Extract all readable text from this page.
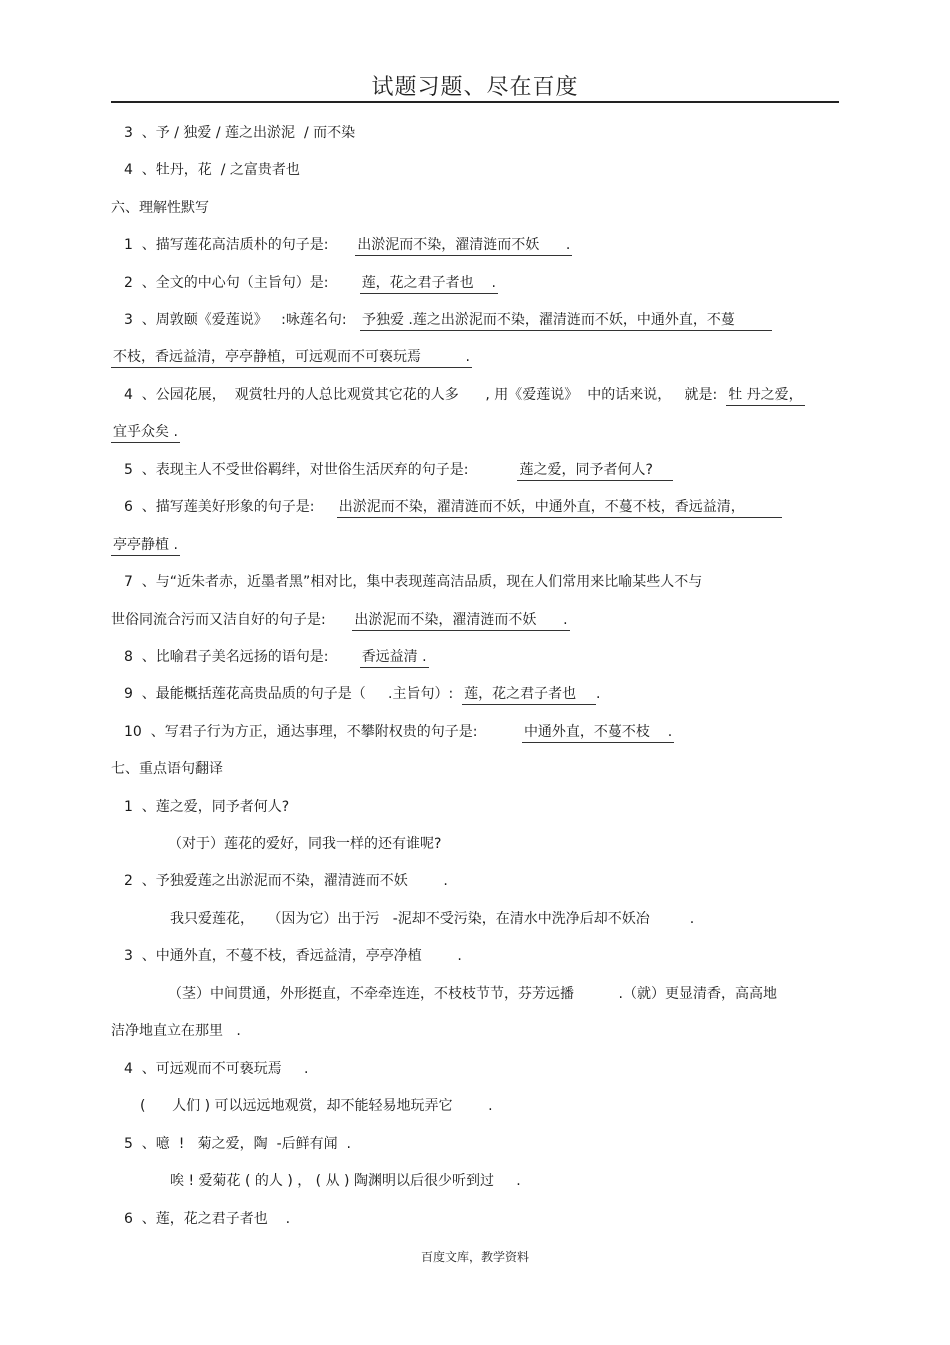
试题习题、尽在百度
3  、予 / 独爱 / 莲之出淤泥  / 而不染
4  、牡丹，花  / 之富贵者也
六、理解性默写
1  、描写莲花高洁质朴的句子是:      出淤泥而不染，濯清涟而不妖      .
2  、全文的中心句（主旨句）是:       莲，花之君子者也    .
3  、周敦颐《爱莲说》   :咏莲名句:   予独爱 .莲之出淤泥而不染，濯清涟而不妖，中通外直，不蔓
不枝，香远益清，亭亭静植，可远观而不可亵玩焉          .
4  、公园花展，  观赏牡丹的人总比观赏其它花的人多      , 用《爱莲说》  中的话来说，   就是:  牡 丹之爱，
宜乎众矣 .
5  、表现主人不受世俗羁绊，对世俗生活厌弃的句子是:           莲之爱，同予者何人?
6  、描写莲美好形象的句子是:     出淤泥而不染，濯清涟而不妖，中通外直，不蔓不枝，香远益清，
亭亭静植 .
7  、与“近朱者赤，近墨者黑”相对比，集中表现莲高洁品质，现在人们常用来比喻某些人不与
世俗同流合污而又洁自好的句子是:      出淤泥而不染，濯清涟而不妖      .
8  、比喻君子美名远扬的语句是:       香远益清 .
9  、最能概括莲花高贵品质的句子是（     .主旨句）:  莲，花之君子者也    .
10  、写君子行为方正，通达事理，不攀附权贵的句子是:          中通外直，不蔓不枝    .
七、重点语句翻译
1  、莲之爱，同予者何人?
（对于）莲花的爱好，同我一样的还有谁呢?
2  、予独爱莲之出淤泥而不染，濯清涟而不妖        .
我只爱莲花，   （因为它）出于污   -泥却不受污染，在清水中洗净后却不妖冶         .
3  、中通外直，不蔓不枝，香远益清，亭亭净植        .
（茎）中间贯通，外形挺直，不牵牵连连，不枝枝节节，芬芳远播          .（就）更显清香，高高地
洁净地直立在那里   .
4  、可远观而不可亵玩焉     .
(      人们 ) 可以远远地观赏，却不能轻易地玩弄它        .
5  、噫  !   菊之爱，陶  -后鲜有闻  .
唉 ! 爱菊花 ( 的人 ) ， ( 从 ) 陶渊明以后很少听到过     .
6  、莲，花之君子者也    .
百度文库，教学资料
